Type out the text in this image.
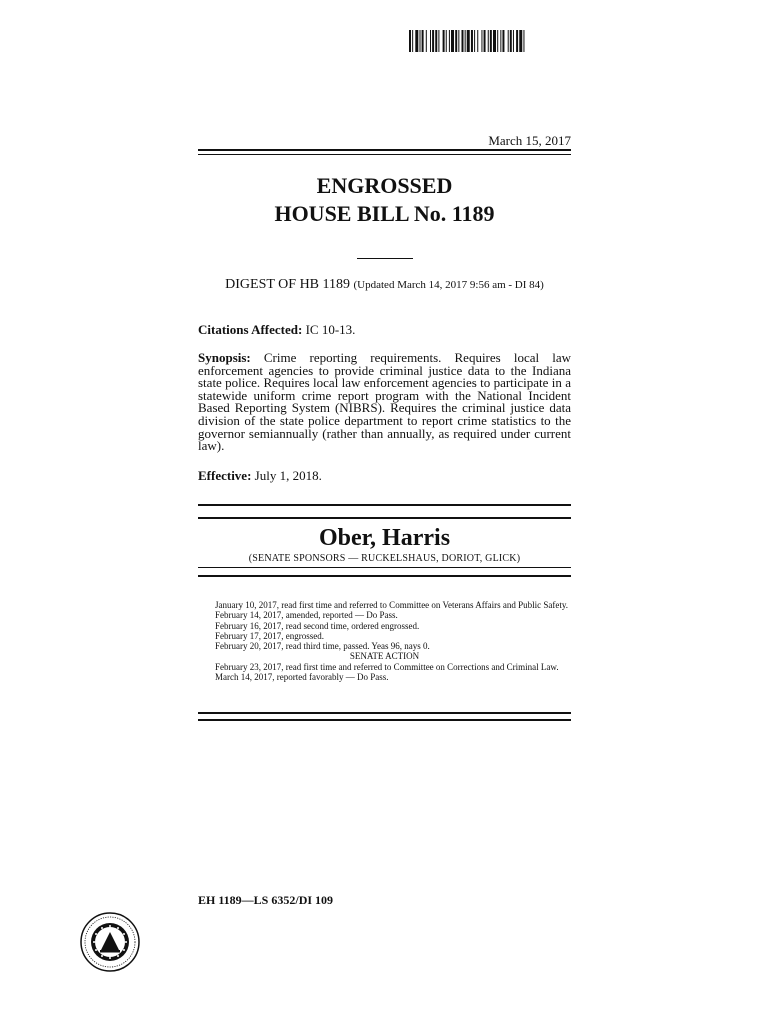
March 15, 2017
ENGROSSED
HOUSE BILL No. 1189
DIGEST OF HB 1189 (Updated March 14, 2017 9:56 am - DI 84)
Citations Affected: IC 10-13.
Synopsis: Crime reporting requirements. Requires local law enforcement agencies to provide criminal justice data to the Indiana state police. Requires local law enforcement agencies to participate in a statewide uniform crime report program with the National Incident Based Reporting System (NIBRS). Requires the criminal justice data division of the state police department to report crime statistics to the governor semiannually (rather than annually, as required under current law).
Effective: July 1, 2018.
Ober, Harris
(SENATE SPONSORS — RUCKELSHAUS, DORIOT, GLICK)

January 10, 2017, read first time and referred to Committee on Veterans Affairs and Public Safety.

February 14, 2017, amended, reported — Do Pass.

February 16, 2017, read second time, ordered engrossed.

February 17, 2017, engrossed.

February 20, 2017, read third time, passed. Yeas 96, nays 0.

SENATE ACTION

February 23, 2017, read first time and referred to Committee on Corrections and Criminal Law.

March 14, 2017, reported favorably — Do Pass.

EH 1189—LS 6352/DI 109
